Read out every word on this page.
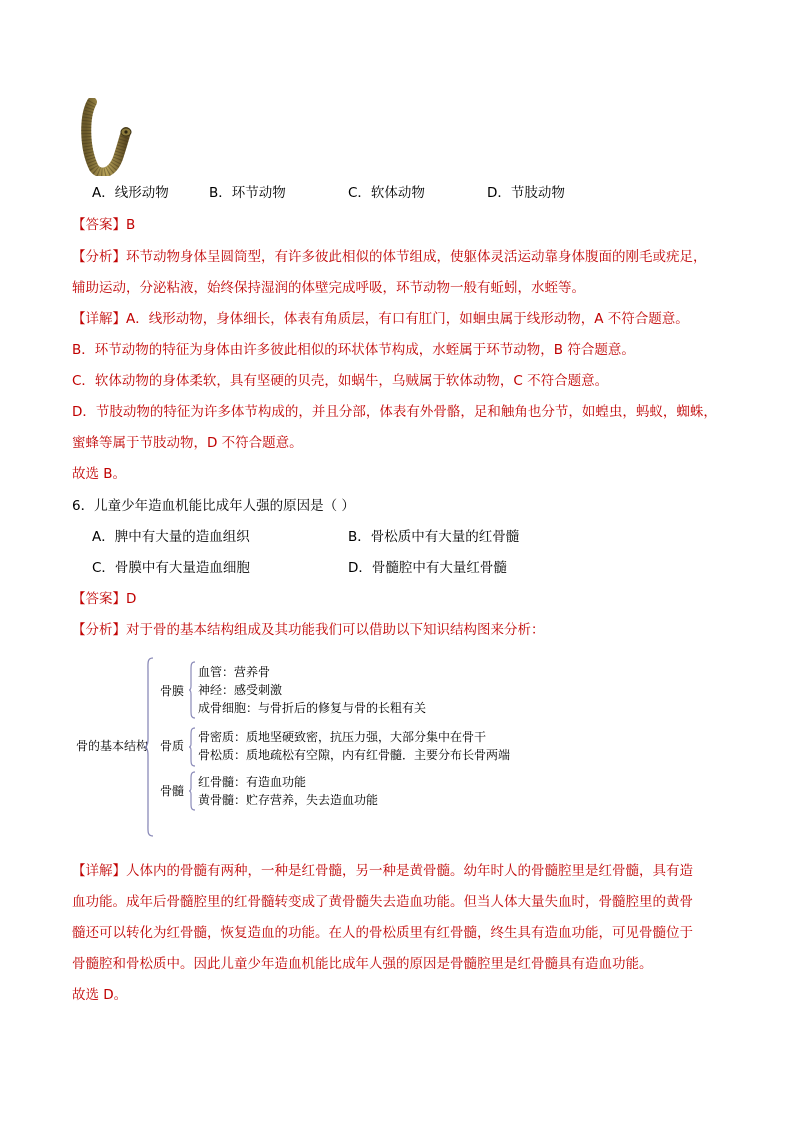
A．线形动物	B．环节动物	C．软体动物	D．节肢动物
【答案】B
【分析】环节动物身体呈圆筒型，有许多彼此相似的体节组成，使躯体灵活运动靠身体腹面的刚毛或疣足，
辅助运动，分泌粘液，始终保持湿润的体壁完成呼吸，环节动物一般有蚯蚓，水蛭等。
【详解】A．线形动物，身体细长，体表有角质层，有口有肛门，如蛔虫属于线形动物，A 不符合题意。
B．环节动物的特征为身体由许多彼此相似的环状体节构成，水蛭属于环节动物，B 符合题意。
C．软体动物的身体柔软，具有坚硬的贝壳，如蜗牛，乌贼属于软体动物，C 不符合题意。
D．节肢动物的特征为许多体节构成的，并且分部，体表有外骨骼，足和触角也分节，如蝗虫，蚂蚁，蜘蛛，
蜜蜂等属于节肢动物，D 不符合题意。
故选 B。
6．儿童少年造血机能比成年人强的原因是（ ）
A．脾中有大量的造血组织	B．骨松质中有大量的红骨髓
C．骨膜中有大量造血细胞	D．骨髓腔中有大量红骨髓
【答案】D
【分析】对于骨的基本结构组成及其功能我们可以借助以下知识结构图来分析：
骨的基本结构
骨膜
血管：营养骨
神经：感受刺激
成骨细胞：与骨折后的修复与骨的长粗有关
骨质
骨密质：质地坚硬致密，抗压力强，大部分集中在骨干
骨松质：质地疏松有空隙，内有红骨髓．主要分布长骨两端
骨髓
红骨髓：有造血功能
黄骨髓：贮存营养，失去造血功能
【详解】人体内的骨髓有两种，一种是红骨髓，另一种是黄骨髓。幼年时人的骨髓腔里是红骨髓，具有造
血功能。成年后骨髓腔里的红骨髓转变成了黄骨髓失去造血功能。但当人体大量失血时，骨髓腔里的黄骨
髓还可以转化为红骨髓，恢复造血的功能。在人的骨松质里有红骨髓，终生具有造血功能，可见骨髓位于
骨髓腔和骨松质中。因此儿童少年造血机能比成年人强的原因是骨髓腔里是红骨髓具有造血功能。
故选 D。
